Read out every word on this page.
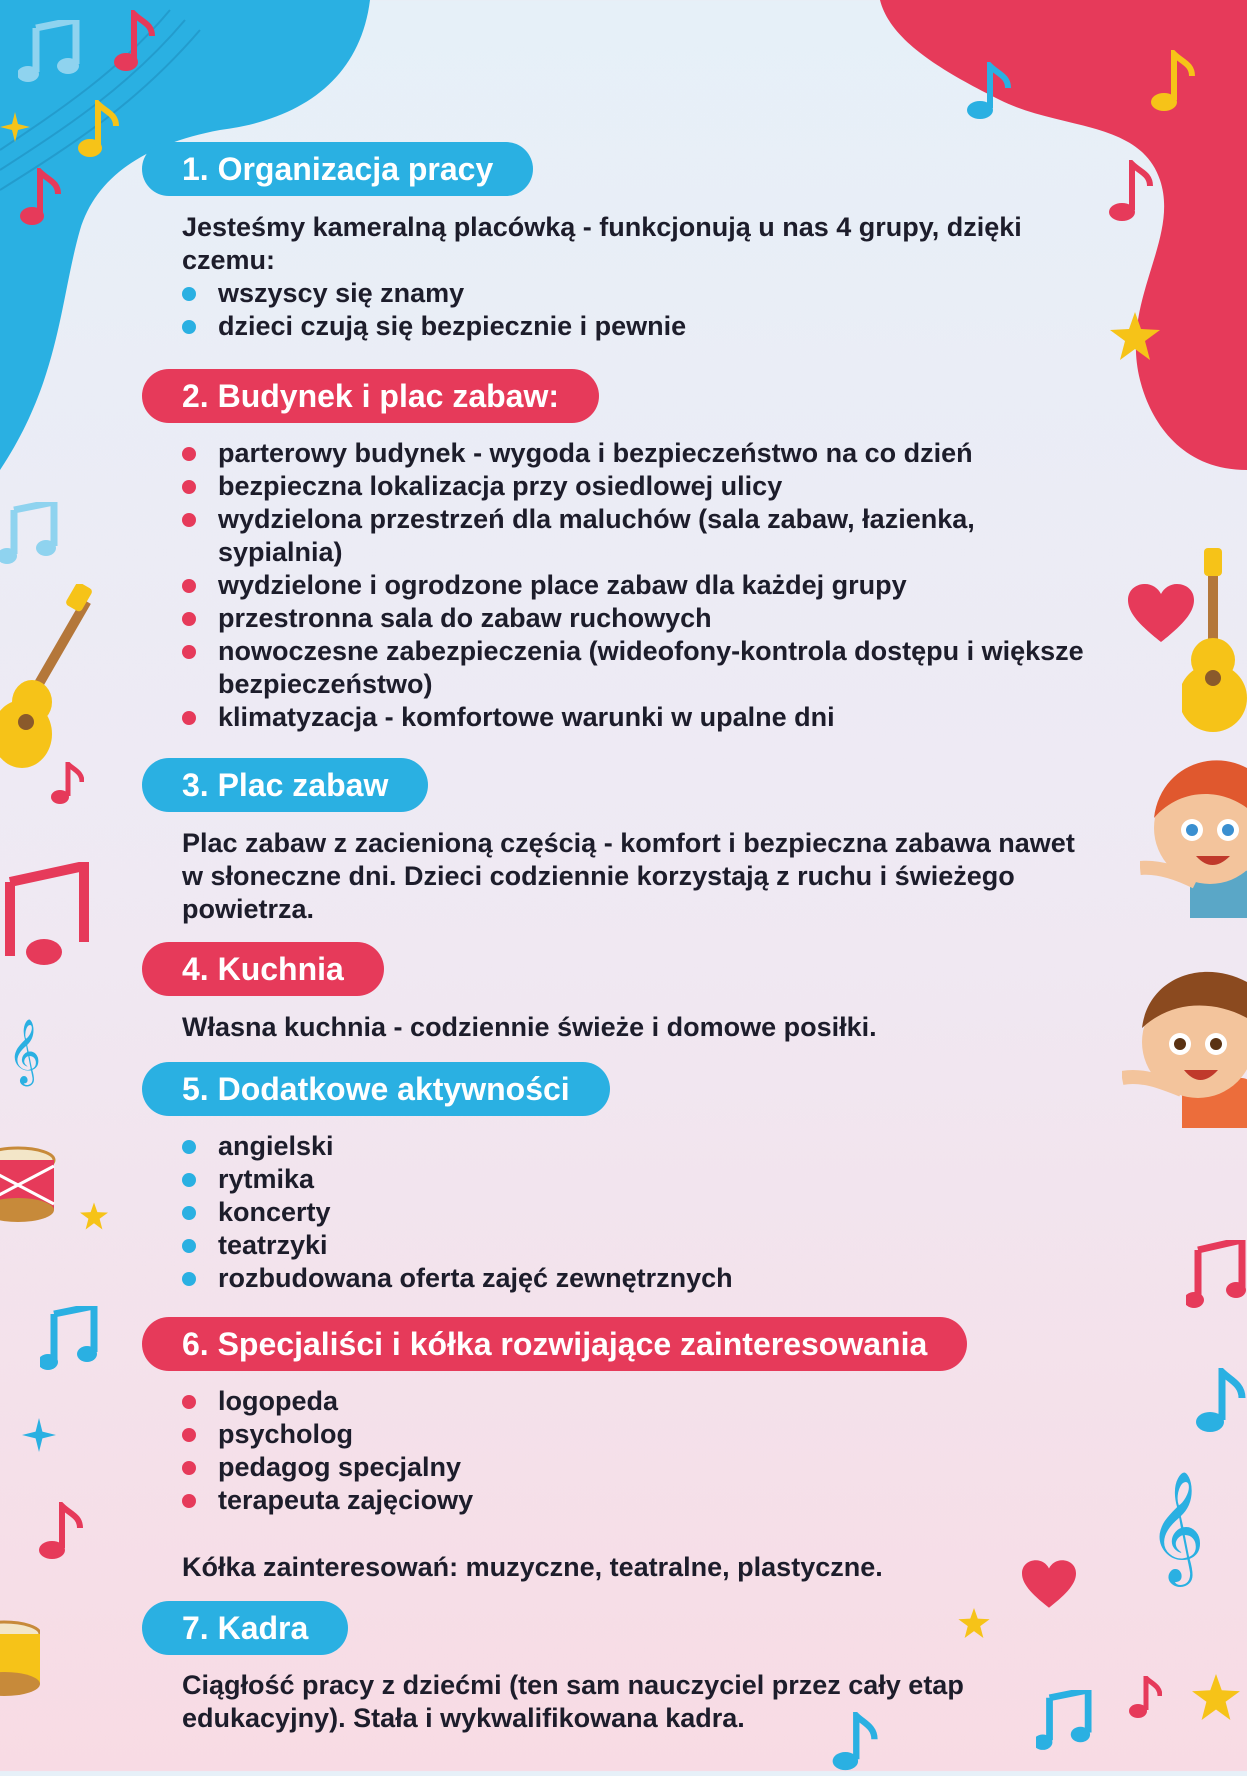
𝄞
𝄞
1. Organizacja pracy

Jesteśmy kameralną placówką - funkcjonują u nas 4 grupy, dzięki czemu:

wszyscy się znamy
dzieci czują się bezpiecznie i pewnie
2. Budynek i plac zabaw:
parterowy budynek - wygoda i bezpieczeństwo na co dzień
bezpieczna lokalizacja przy osiedlowej ulicy
wydzielona przestrzeń dla maluchów (sala zabaw, łazienka, sypialnia)
wydzielone i ogrodzone place zabaw dla każdej grupy
przestronna sala do zabaw ruchowych
nowoczesne zabezpieczenia (wideofony-kontrola dostępu i większe bezpieczeństwo)
klimatyzacja - komfortowe warunki w upalne dni
3. Plac zabaw

Plac zabaw z zacienioną częścią - komfort i bezpieczna zabawa nawet w słoneczne dni. Dzieci codziennie korzystają z ruchu i świeżego powietrza.

4. Kuchnia

Własna kuchnia - codziennie świeże i domowe posiłki.

5. Dodatkowe aktywności
angielski
rytmika
koncerty
teatrzyki
rozbudowana oferta zajęć zewnętrznych
6. Specjaliści i kółka rozwijające zainteresowania
logopeda
psycholog
pedagog specjalny
terapeuta zajęciowy

Kółka zainteresowań: muzyczne, teatralne, plastyczne.

7. Kadra

Ciągłość pracy z dziećmi (ten sam nauczyciel przez cały etap edukacyjny). Stała i wykwalifikowana kadra.
